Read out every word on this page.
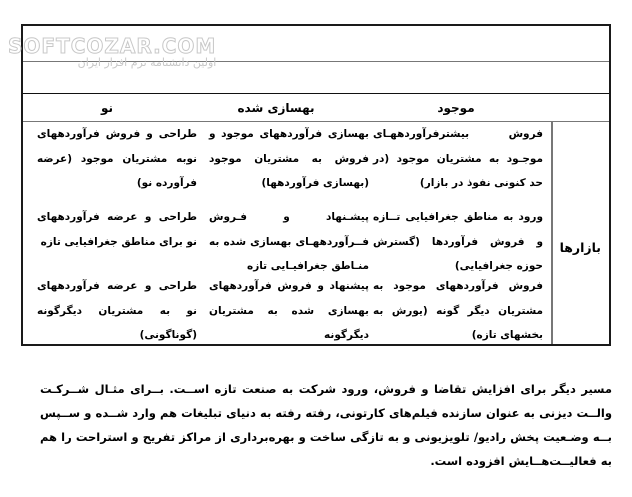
موجود
بهسازی شده
نو
بازارها
فروش بیشترفرآوردههـای موجـود به مشتریان موجود (در حد کنونی نفوذ در بازار)
ورود به مناطق جغرافیایی تــازه و فروش فرآوردها (گسترش حوزه جغرافیایی)
فروش فرآوردههای موجود به مشتریان دیگر گونه (یورش به بخشهای تازه)
بهسازی فرآوردههای موجود و فروش به مشتریان موجود (بهسازی فرآوردهها)
پیشـنهاد و فـروش فــرآوردههـای بهسازی شده به منـاطق جغرافیـایی تازه
پیشنهاد و فروش فرآوردههای بهسازی شده به مشتریان دیگرگونه
طراحی و فروش فرآوردههای نوبه مشتریان موجود (عرضه فرآورده نو)
طراحی و عرضه فرآوردههای نو برای مناطق جغرافیایی تازه
طراحی و عرضه فرآوردههای نو به مشتریان دیگرگونه (گوناگونی)
SOFTCOZAR.COM
اولین دانشنامه نرم افزار ایران
مسیر دیگر برای افزایش تقاضا و فروش، ورود شرکت به صنعت تازه اســت. بــرای مثـال شــرکـت والــت دیزنی به عنوان سازنده فیلم‌های کارتونی، رفته رفته به دنیای تبلیغات هم وارد شــده و ســپس بــه وضـعیت پخش رادیو/ تلویزیونی و به تازگی ساخت و بهره‌برداری از مراکز تفریح و استراحت را هم به فعالیــت‌هــایش افزوده است.
